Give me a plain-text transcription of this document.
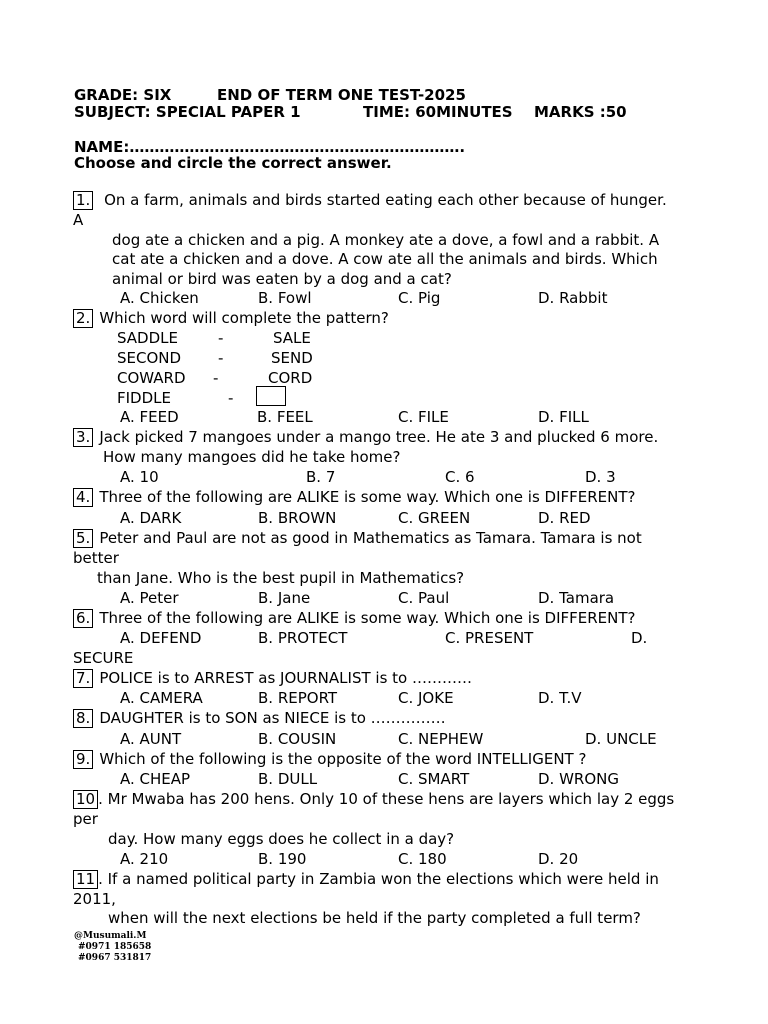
GRADE: SIX	END OF TERM ONE TEST-2025
SUBJECT: SPECIAL PAPER 1	TIME: 60MINUTES MARKS :50
NAME:………………………………………………………….
Choose and circle the correct answer.
1. On a farm, animals and birds started eating each other because of hunger.
A
dog ate a chicken and a pig. A monkey ate a dove, a fowl and a rabbit. A
cat ate a chicken and a dove. A cow ate all the animals and birds. Which
animal or bird was eaten by a dog and a cat?
A. Chicken	B. Fowl	C. Pig	D. Rabbit
2. Which word will complete the pattern?
SADDLE	-	SALE
SECOND -	SEND
COWARD -	CORD
FIDDLE	-
A. FEED	B. FEEL	C. FILE	D. FILL
3. Jack picked 7 mangoes under a mango tree. He ate 3 and plucked 6 more.
How many mangoes did he take home?
A. 10	B. 7	C. 6	D. 3
4. Three of the following are ALIKE is some way. Which one is DIFFERENT?
A. DARK	B. BROWN	C. GREEN	D. RED
5. Peter and Paul are not as good in Mathematics as Tamara. Tamara is not
better
than Jane. Who is the best pupil in Mathematics?
A. Peter	B. Jane	C. Paul	D. Tamara
6. Three of the following are ALIKE is some way. Which one is DIFFERENT?
A. DEFEND	B. PROTECT	C. PRESENT	D.
SECURE
7. POLICE is to ARREST as JOURNALIST is to …………
A. CAMERA	B. REPORT	C. JOKE	D. T.V
8. DAUGHTER is to SON as NIECE is to ……………
A. AUNT	B. COUSIN	C. NEPHEW	D. UNCLE
9. Which of the following is the opposite of the word INTELLIGENT ?
A. CHEAP	B. DULL	C. SMART	D. WRONG
10 . Mr Mwaba has 200 hens. Only 10 of these hens are layers which lay 2 eggs
per
day. How many eggs does he collect in a day?
A. 210	B. 190	C. 180	D. 20
11 . If a named political party in Zambia won the elections which were held in
2011,
when will the next elections be held if the party completed a full term?
@Musumali.M
#0971 185658
#0967 531817
